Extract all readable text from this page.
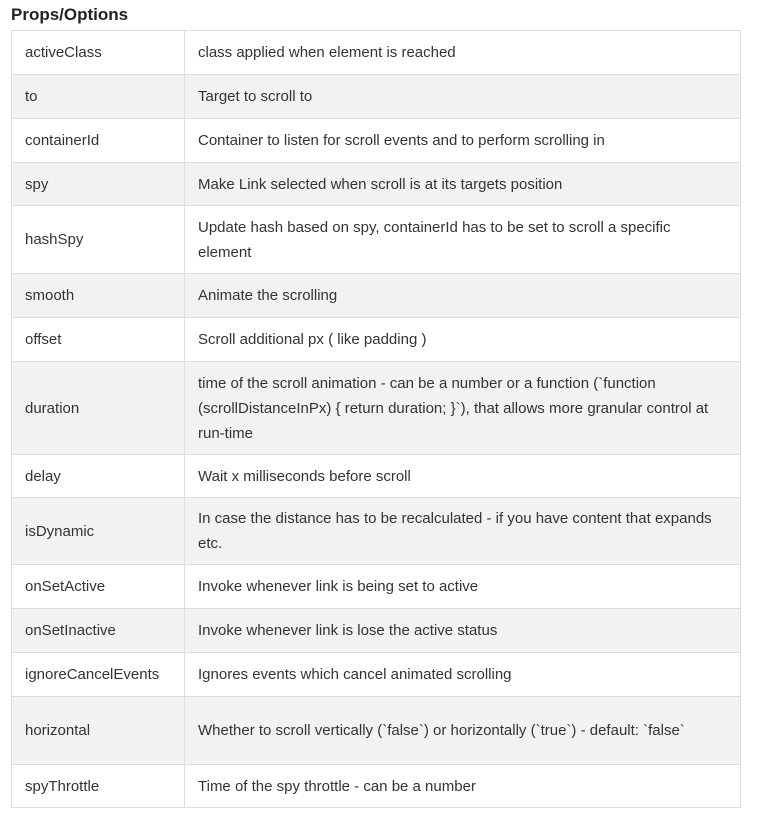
Props/Options
activeClass	class applied when element is reached
to	Target to scroll to
containerId	Container to listen for scroll events and to perform scrolling in
spy	Make Link selected when scroll is at its targets position
hashSpy	Update hash based on spy, containerId has to be set to scroll a specific element
smooth	Animate the scrolling
offset	Scroll additional px ( like padding )
duration	time of the scroll animation - can be a number or a function (`function (scrollDistanceInPx) { return duration; }`), that allows more granular control at run-time
delay	Wait x milliseconds before scroll
isDynamic	In case the distance has to be recalculated - if you have content that expands etc.
onSetActive	Invoke whenever link is being set to active
onSetInactive	Invoke whenever link is lose the active status
ignoreCancelEvents	Ignores events which cancel animated scrolling
horizontal	Whether to scroll vertically (`false`) or horizontally (`true`) - default: `false`
spyThrottle	Time of the spy throttle - can be a number
